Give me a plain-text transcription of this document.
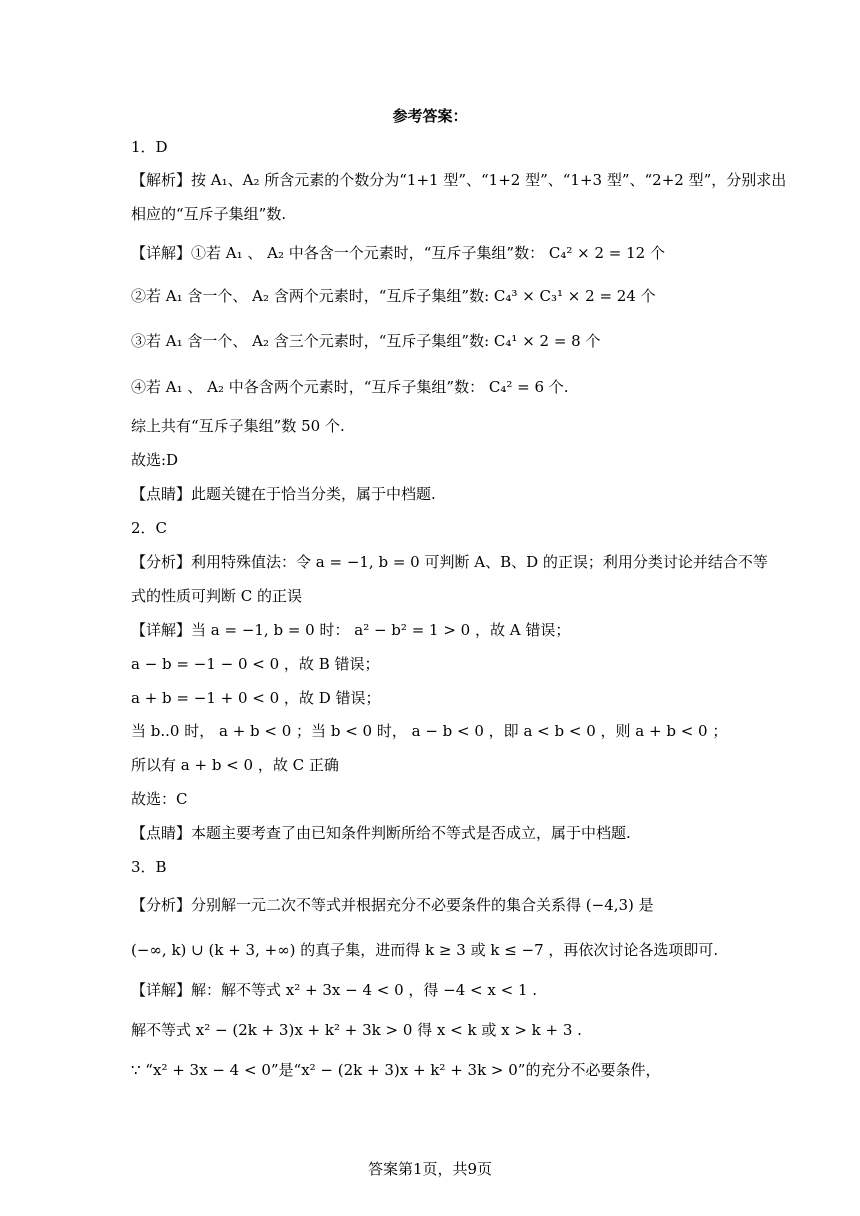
参考答案：
1．D
【解析】按 A₁、A₂ 所含元素的个数分为“1+1 型”、“1+2 型”、“1+3 型”、“2+2 型”，分别求出
相应的“互斥子集组”数.
【详解】①若 A₁ 、 A₂ 中各含一个元素时，“互斥子集组”数： C₄² × 2 = 12 个
②若 A₁ 含一个、 A₂ 含两个元素时，“互斥子集组”数: C₄³ × C₃¹ × 2 = 24 个
③若 A₁ 含一个、 A₂ 含三个元素时，“互斥子集组”数: C₄¹ × 2 = 8 个
④若 A₁ 、 A₂ 中各含两个元素时，“互斥子集组”数： C₄² = 6 个.
综上共有“互斥子集组”数 50 个.
故选:D
【点睛】此题关键在于恰当分类，属于中档题.
2．C
【分析】利用特殊值法：令 a = −1, b = 0 可判断 A、B、D 的正误；利用分类讨论并结合不等
式的性质可判断 C 的正误
【详解】当 a = −1, b = 0 时： a² − b² = 1 > 0 ，故 A 错误；
a − b = −1 − 0 < 0 ，故 B 错误；
a + b = −1 + 0 < 0 ，故 D 错误；
当 b..0 时， a + b < 0 ；当 b < 0 时， a − b < 0 ，即 a < b < 0 ，则 a + b < 0 ；
所以有 a + b < 0 ，故 C 正确
故选：C
【点睛】本题主要考查了由已知条件判断所给不等式是否成立，属于中档题.
3．B
【分析】分别解一元二次不等式并根据充分不必要条件的集合关系得 (−4,3) 是
(−∞, k) ∪ (k + 3, +∞) 的真子集，进而得 k ≥ 3 或 k ≤ −7 ，再依次讨论各选项即可.
【详解】解：解不等式 x² + 3x − 4 < 0 ，得 −4 < x < 1 .
解不等式 x² − (2k + 3)x + k² + 3k > 0 得 x < k 或 x > k + 3 .
∵ “x² + 3x − 4 < 0”是“x² − (2k + 3)x + k² + 3k > 0”的充分不必要条件，
答案第1页，共9页
